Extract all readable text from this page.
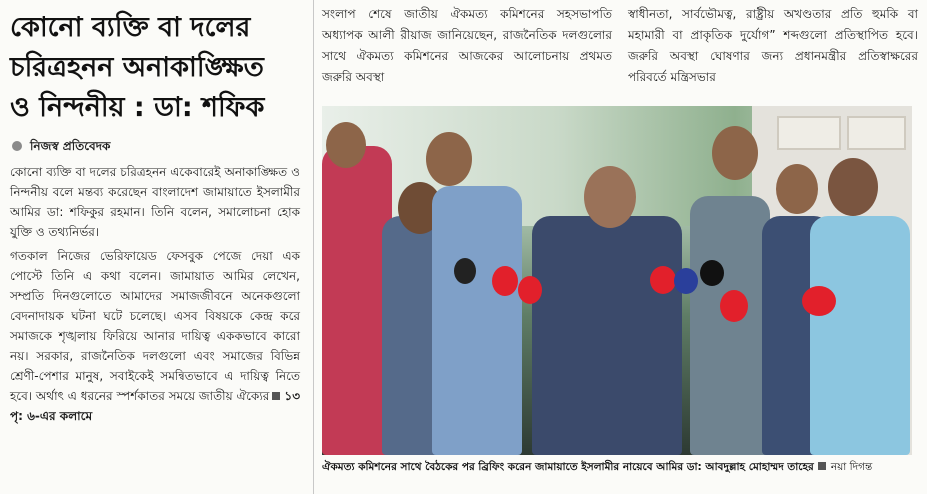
কোনো ব্যক্তি বা দলের
চরিত্রহনন অনাকাঙ্ক্ষিত
ও নিন্দনীয় : ডা: শফিক
নিজস্ব প্রতিবেদক

কোনো ব্যক্তি বা দলের চরিত্রহনন একেবারেই অনাকাঙ্ক্ষিত ও নিন্দনীয় বলে মন্তব্য করেছেন বাংলাদেশ জামায়াতে ইসলামীর আমির ডা: শফিকুর রহমান। তিনি বলেন, সমালোচনা হোক যুক্তি ও তথ্যনির্ভর।

গতকাল নিজের ভেরিফায়েড ফেসবুক পেজে দেয়া এক পোস্টে তিনি এ কথা বলেন। জামায়াত আমির লেখেন, সম্প্রতি দিনগুলোতে আমাদের সমাজজীবনে অনেকগুলো বেদনাদায়ক ঘটনা ঘটে চলেছে। এসব বিষয়কে কেন্দ্র করে সমাজকে শৃঙ্খলায় ফিরিয়ে আনার দায়িত্ব এককভাবে কারো নয়। সরকার, রাজনৈতিক দলগুলো এবং সমাজের বিভিন্ন শ্রেণী-পেশার মানুষ, সবাইকেই সমন্বিতভাবে এ দায়িত্ব নিতে হবে। অর্থাৎ এ ধরনের স্পর্শকাতর সময়ে জাতীয় ঐক্যের ১৩ পৃ: ৬-এর কলামে

সংলাপ শেষে জাতীয় ঐকমত্য কমিশনের সহসভাপতি অধ্যাপক আলী রীয়াজ জানিয়েছেন, রাজনৈতিক দলগুলোর সাথে ঐকমত্য কমিশনের আজকের আলোচনায় প্রথমত জরুরি অবস্থা
স্বাধীনতা, সার্বভৌমত্ব, রাষ্ট্রীয় অখণ্ডতার প্রতি হুমকি বা মহামারী বা প্রাকৃতিক দুর্যোগ” শব্দগুলো প্রতিস্থাপিত হবে। জরুরি অবস্থা ঘোষণার জন্য প্রধানমন্ত্রীর প্রতিস্বাক্ষরের পরিবর্তে মন্ত্রিসভার
ঐকমত্য কমিশনের সাথে বৈঠকের পর ব্রিফিং করেন জামায়াতে ইসলামীর নায়েবে আমির ডা: আবদুল্লাহ মোহাম্মদ তাহের নয়া দিগন্ত
